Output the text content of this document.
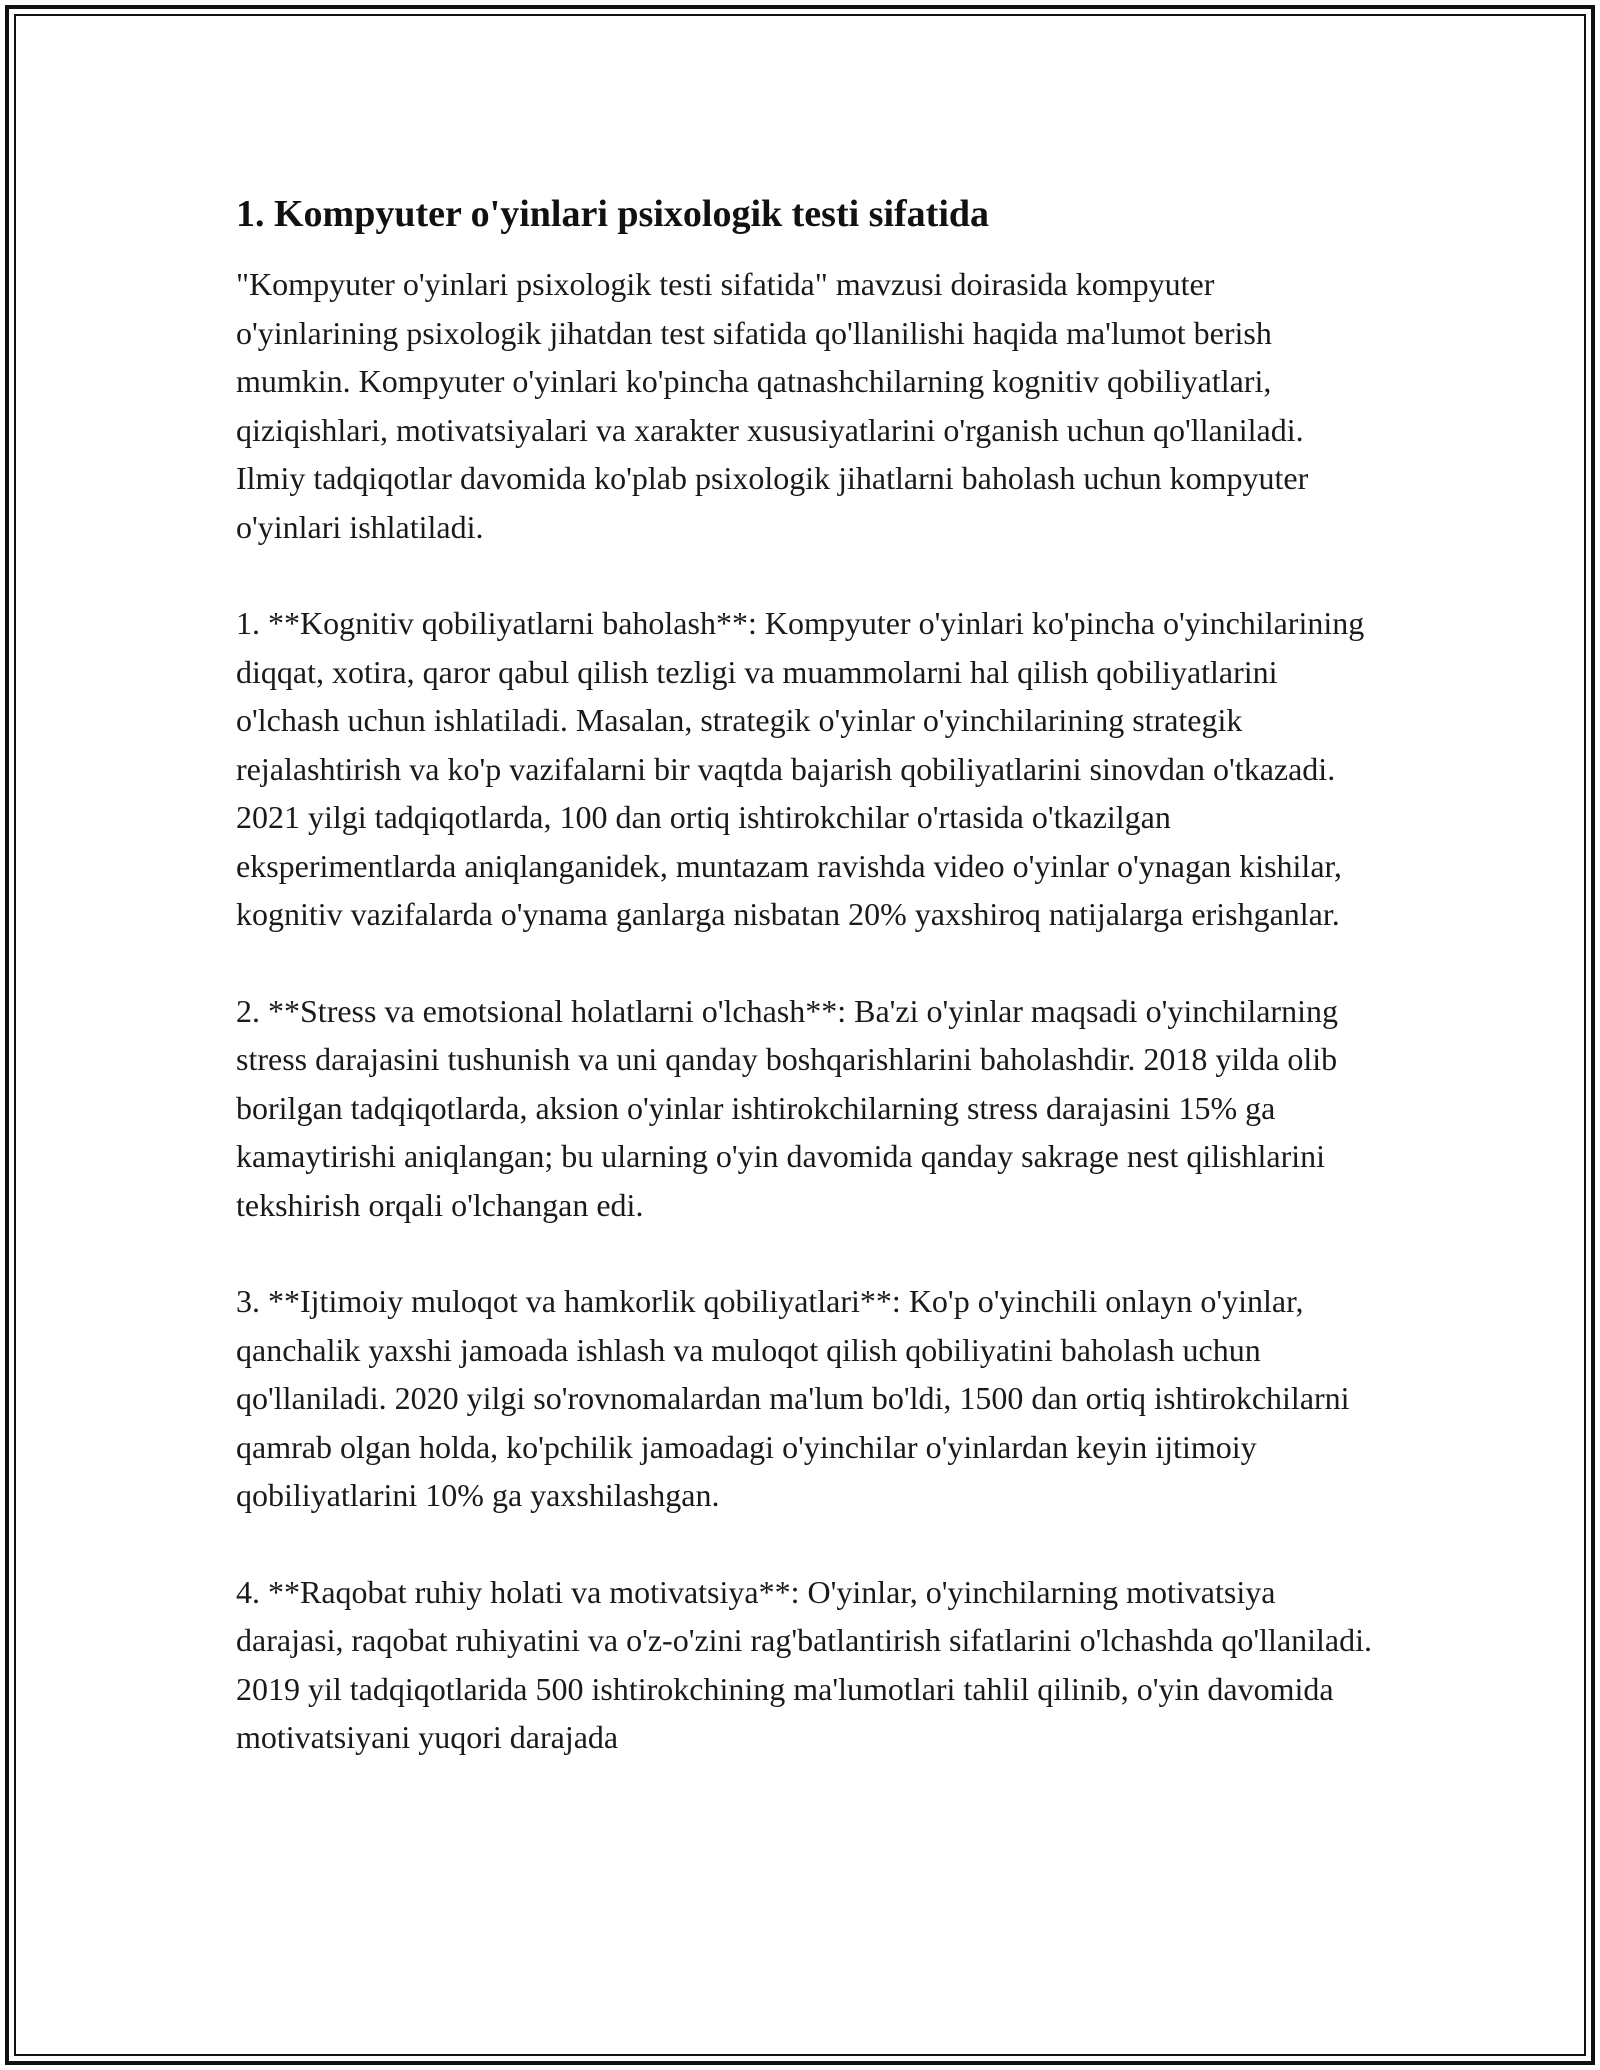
1. Kompyuter o'yinlari psixologik testi sifatida

"Kompyuter o'yinlari psixologik testi sifatida" mavzusi doirasida kompyuter o'yinlarining psixologik jihatdan test sifatida qo'llanilishi haqida ma'lumot berish mumkin. Kompyuter o'yinlari ko'pincha qatnashchilarning kognitiv qobiliyatlari, qiziqishlari, motivatsiyalari va xarakter xususiyatlarini o'rganish uchun qo'llaniladi. Ilmiy tadqiqotlar davomida ko'plab psixologik jihatlarni baholash uchun kompyuter o'yinlari ishlatiladi.

1. **Kognitiv qobiliyatlarni baholash**: Kompyuter o'yinlari ko'pincha o'yinchilarining diqqat, xotira, qaror qabul qilish tezligi va muammolarni hal qilish qobiliyatlarini o'lchash uchun ishlatiladi. Masalan, strategik o'yinlar o'yinchilarining strategik rejalashtirish va ko'p vazifalarni bir vaqtda bajarish qobiliyatlarini sinovdan o'tkazadi. 2021 yilgi tadqiqotlarda, 100 dan ortiq ishtirokchilar o'rtasida o'tkazilgan eksperimentlarda aniqlanganidek, muntazam ravishda video o'yinlar o'ynagan kishilar, kognitiv vazifalarda o'ynama ganlarga nisbatan 20% yaxshiroq natijalarga erishganlar.

2. **Stress va emotsional holatlarni o'lchash**: Ba'zi o'yinlar maqsadi o'yinchilarning stress darajasini tushunish va uni qanday boshqarishlarini baholashdir. 2018 yilda olib borilgan tadqiqotlarda, aksion o'yinlar ishtirokchilarning stress darajasini 15% ga kamaytirishi aniqlangan; bu ularning o'yin davomida qanday sakrage nest qilishlarini tekshirish orqali o'lchangan edi.

3. **Ijtimoiy muloqot va hamkorlik qobiliyatlari**: Ko'p o'yinchili onlayn o'yinlar, qanchalik yaxshi jamoada ishlash va muloqot qilish qobiliyatini baholash uchun qo'llaniladi. 2020 yilgi so'rovnomalardan ma'lum bo'ldi, 1500 dan ortiq ishtirokchilarni qamrab olgan holda, ko'pchilik jamoadagi o'yinchilar o'yinlardan keyin ijtimoiy qobiliyatlarini 10% ga yaxshilashgan.

4. **Raqobat ruhiy holati va motivatsiya**: O'yinlar, o'yinchilarning motivatsiya darajasi, raqobat ruhiyatini va o'z-o'zini rag'batlantirish sifatlarini o'lchashda qo'llaniladi. 2019 yil tadqiqotlarida 500 ishtirokchining ma'lumotlari tahlil qilinib, o'yin davomida motivatsiyani yuqori darajada
